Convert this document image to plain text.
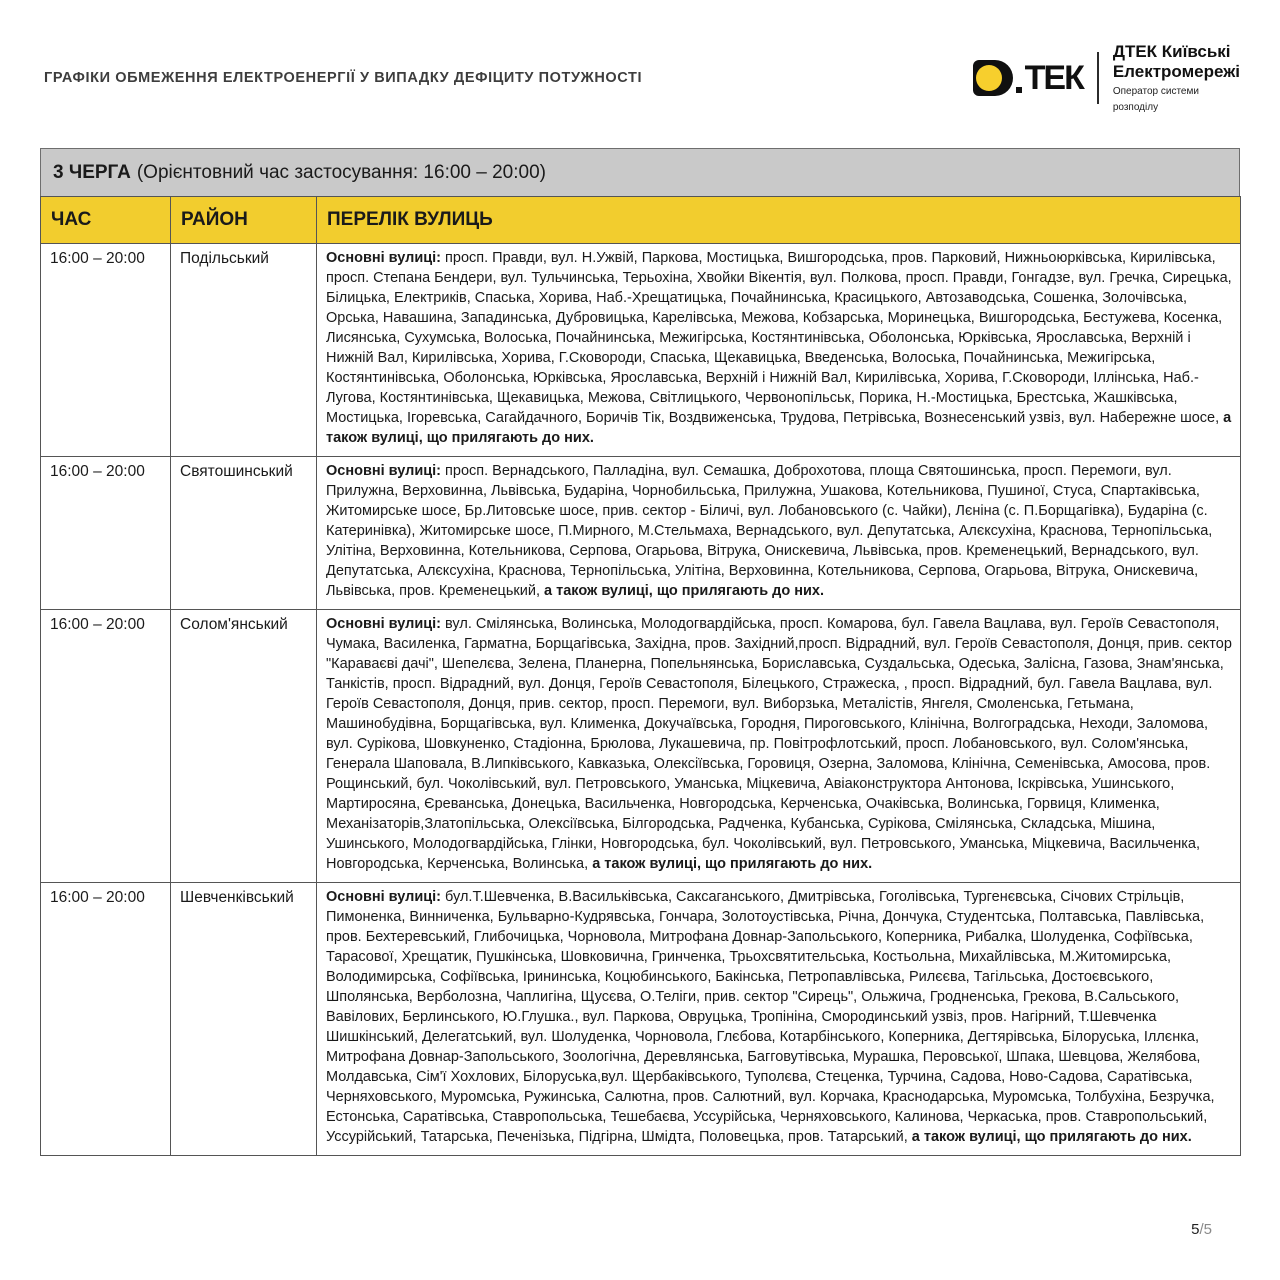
ГРАФІКИ ОБМЕЖЕННЯ ЕЛЕКТРОЕНЕРГІЇ У ВИПАДКУ ДЕФІЦИТУ ПОТУЖНОСТІ	ТЕК
ДТЕК Київські
Електромережі
Оператор системи
розподілу
3 ЧЕРГА (Орієнтовний час застосування: 16:00 – 20:00)
ЧАС	РАЙОН	ПЕРЕЛІК ВУЛИЦЬ
16:00 – 20:00	Подільський	Основні вулиці: просп. Правди, вул. Н.Ужвій, Паркова, Мостицька, Вишгородська, пров. Парковий, Нижньоюрківська, Кирилівська, просп. Степана Бендери, вул. Тульчинська, Терьохіна, Хвойки Вікентія, вул. Полкова, просп. Правди, Гонгадзе, вул. Гречка, Сирецька, Білицька, Електриків, Спаська, Хорива, Наб.-Хрещатицька, Почайнинська, Красицького, Автозаводська, Сошенка, Золочівська, Орська, Навашина, Западинська, Дубровицька, Карелівська, Межова, Кобзарська, Моринецька, Вишгородська, Бестужева, Косенка, Лисянська, Сухумська, Волоська, Почайнинська, Межигірська, Костянтинівська, Оболонська, Юрківська, Ярославська, Верхній і Нижній Вал, Кирилівська, Хорива, Г.Сковороди, Спаська, Щекавицька, Введенська, Волоська, Почайнинська, Межигірська, Костянтинівська, Оболонська, Юрківська, Ярославська, Верхній і Нижній Вал, Кирилівська, Хорива, Г.Сковороди, Іллінська, Наб.-Лугова, Костянтинівська, Щекавицька, Межова, Світлицького, Червонопільськ, Порика, Н.-Мостицька, Брестська, Жашківська, Мостицька, Ігоревська, Сагайдачного, Боричів Тік, Воздвиженська, Трудова, Петрівська, Вознесенський узвіз, вул. Набережне шосе, а також вулиці, що прилягають до них.
16:00 – 20:00	Святошинський	Основні вулиці: просп. Вернадського, Палладіна, вул. Семашка, Доброхотова, площа Святошинська, просп. Перемоги, вул. Прилужна, Верховинна, Львівська, Бударіна, Чорнобильська, Прилужна, Ушакова, Котельникова, Пушиної, Стуса, Спартаківська, Житомирське шосе, Бр.Литовське шосе, прив. сектор - Біличі, вул. Лобановського (с. Чайки), Лєніна (с. П.Борщагівка), Бударіна (с. Катеринівка), Житомирське шосе, П.Мирного, М.Стельмаха, Вернадського, вул. Депутатська, Алєксухіна, Краснова, Тернопільська, Улітіна, Верховинна, Котельникова, Серпова, Огарьова, Вітрука, Онискевича, Львівська, пров. Кременецький, Вернадського, вул. Депутатська, Алєксухіна, Краснова, Тернопільська, Улітіна, Верховинна, Котельникова, Серпова, Огарьова, Вітрука, Онискевича, Львівська, пров. Кременецький, а також вулиці, що прилягають до них.
16:00 – 20:00	Солом'янський	Основні вулиці: вул. Смілянська, Волинська, Молодогвардійська, просп. Комарова, бул. Гавела Вацлава, вул. Героїв Севастополя, Чумака, Василенка, Гарматна, Борщагівська, Західна, пров. Західний,просп. Відрадний, вул. Героїв Севастополя, Донця, прив. сектор "Караваєві дачі", Шепелєва, Зелена, Планерна, Попельнянська, Бориславська, Суздальська, Одеська, Залісна, Газова, Знам'янська, Танкістів, просп. Відрадний, вул. Донця, Героїв Севастополя, Білецького, Стражеска, , просп. Відрадний, бул. Гавела Вацлава, вул. Героїв Севастополя, Донця, прив. сектор, просп. Перемоги, вул. Виборзька, Металістів, Янгеля, Смоленська, Гетьмана, Машинобудівна, Борщагівська, вул. Клименка, Докучаївська, Городня, Пироговського, Клінічна, Волгоградська, Неходи, Заломова, вул. Сурікова, Шовкуненко, Стадіонна, Брюлова, Лукашевича, пр. Повітрофлотський, просп. Лобановського, вул. Солом'янська, Генерала Шаповала, В.Липківського, Кавказька, Олексіївська, Горовиця, Озерна, Заломова, Клінічна, Семенівська, Амосова, пров. Рощинський, бул. Чоколівський, вул. Петровського, Уманська, Міцкевича, Авіаконструктора Антонова, Іскрівська, Ушинського, Мартиросяна, Єреванська, Донецька, Васильченка, Новгородська, Керченська, Очаківська, Волинська, Горвиця, Клименка, Механізаторів,Златопільська, Олексіївська, Білгородська, Радченка, Кубанська, Сурікова, Смілянська, Складська, Мішина, Ушинського, Молодогвардійська, Глінки, Новгородська, бул. Чоколівський, вул. Петровського, Уманська, Міцкевича, Васильченка, Новгородська, Керченська, Волинська, а також вулиці, що прилягають до них.
16:00 – 20:00	Шевченківський	Основні вулиці: бул.Т.Шевченка, В.Васильківська, Саксаганського, Дмитрівська, Гоголівська, Тургенєвська, Січових Стрільців, Пимоненка, Винниченка, Бульварно-Кудрявська, Гончара, Золотоустівська, Річна, Дончука, Студентська, Полтавська, Павлівська, пров. Бехтеревський, Глибочицька, Чорновола, Митрофана Довнар-Запольського, Коперника, Рибалка, Шолуденка, Софіївська, Тарасової, Хрещатик, Пушкінська, Шовковична, Гринченка, Трьохсвятительська, Костьольна, Михайлівська, М.Житомирська, Володимирська, Софіївська, Ірининська, Коцюбинського, Бакінська, Петропавлівська, Рилєєва, Тагільська, Достоєвського, Шполянська, Верболозна, Чаплигіна, Щусєва, О.Теліги, прив. сектор "Сирець", Ольжича, Гродненська, Грекова, В.Сальського, Вавілових, Берлинського, Ю.Глушка., вул. Паркова, Овруцька, Тропініна, Смородинський узвіз, пров. Нагірний, Т.Шевченка Шишкінський, Делегатський, вул. Шолуденка, Чорновола, Глєбова, Котарбінського, Коперника, Дегтярівська, Білоруська, Іллєнка, Митрофана Довнар-Запольського, Зоологічна, Деревлянська, Багговутівська, Мурашка, Перовської, Шпака, Шевцова, Желябова, Молдавська, Сім'ї Хохлових, Білоруська,вул. Щербаківського, Туполєва, Стеценка, Турчина, Садова, Ново-Садова, Саратівська, Черняховського, Муромська, Ружинська, Салютна, пров. Салютний, вул. Корчака, Краснодарська, Муромська, Толбухіна, Безручка, Естонська, Саратівська, Ставропольська, Тешебаєва, Уссурійська, Черняховського, Калинова, Черкаська, пров. Ставропольський, Уссурійський, Татарська, Печенізька, Підгірна, Шмідта, Половецька, пров. Татарський, а також вулиці, що прилягають до них.
5/5
